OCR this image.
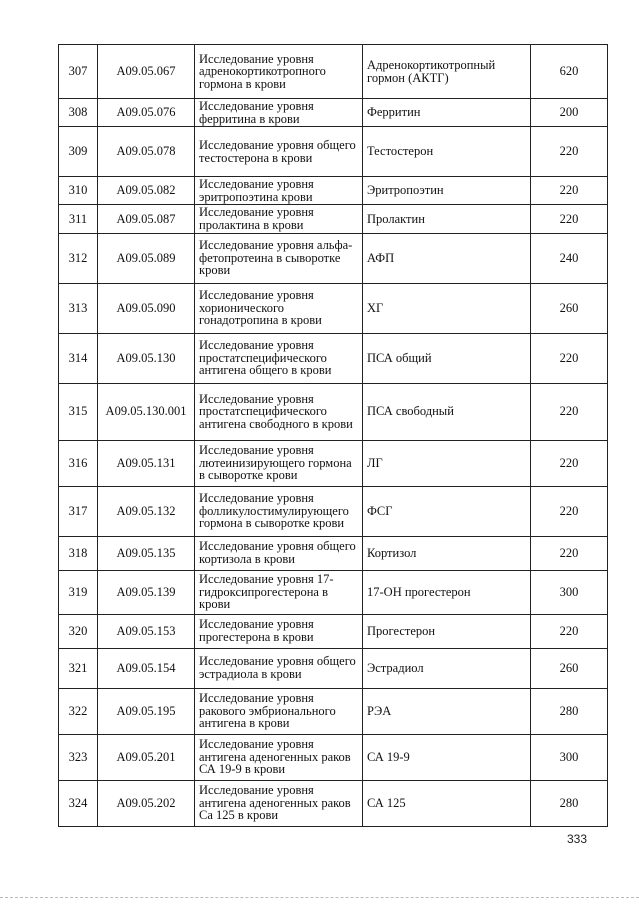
307	A09.05.067	Исследование уровня адренокортикотропного гормона в крови	Адренокортикотропный гормон (АКТГ)	620
308	A09.05.076	Исследование уровня ферритина в крови	Ферритин	200
309	A09.05.078	Исследование уровня общего тестостерона в крови	Тестостерон	220
310	A09.05.082	Исследование уровня эритропоэтина крови	Эритропоэтин	220
311	A09.05.087	Исследование уровня пролактина в крови	Пролактин	220
312	A09.05.089	Исследование уровня альфа-фетопротеина в сыворотке крови	АФП	240
313	A09.05.090	Исследование уровня хорионического гонадотропина в крови	ХГ	260
314	A09.05.130	Исследование уровня простатспецифического антигена общего в крови	ПСА общий	220
315	A09.05.130.001	Исследование уровня простатспецифического антигена свободного в крови	ПСА свободный	220
316	A09.05.131	Исследование уровня лютеинизирующего гормона в сыворотке крови	ЛГ	220
317	A09.05.132	Исследование уровня фолликулостимулирующего гормона в сыворотке крови	ФСГ	220
318	A09.05.135	Исследование уровня общего кортизола в крови	Кортизол	220
319	A09.05.139	Исследование уровня 17-гидроксипрогестерона в крови	17-ОН прогестерон	300
320	A09.05.153	Исследование уровня прогестерона в крови	Прогестерон	220
321	A09.05.154	Исследование уровня общего эстрадиола в крови	Эстрадиол	260
322	A09.05.195	Исследование уровня ракового эмбрионального антигена в крови	РЭА	280
323	A09.05.201	Исследование уровня антигена аденогенных раков СА 19-9 в крови	СА 19-9	300
324	A09.05.202	Исследование уровня антигена аденогенных раков Са 125 в крови	СА 125	280
333
